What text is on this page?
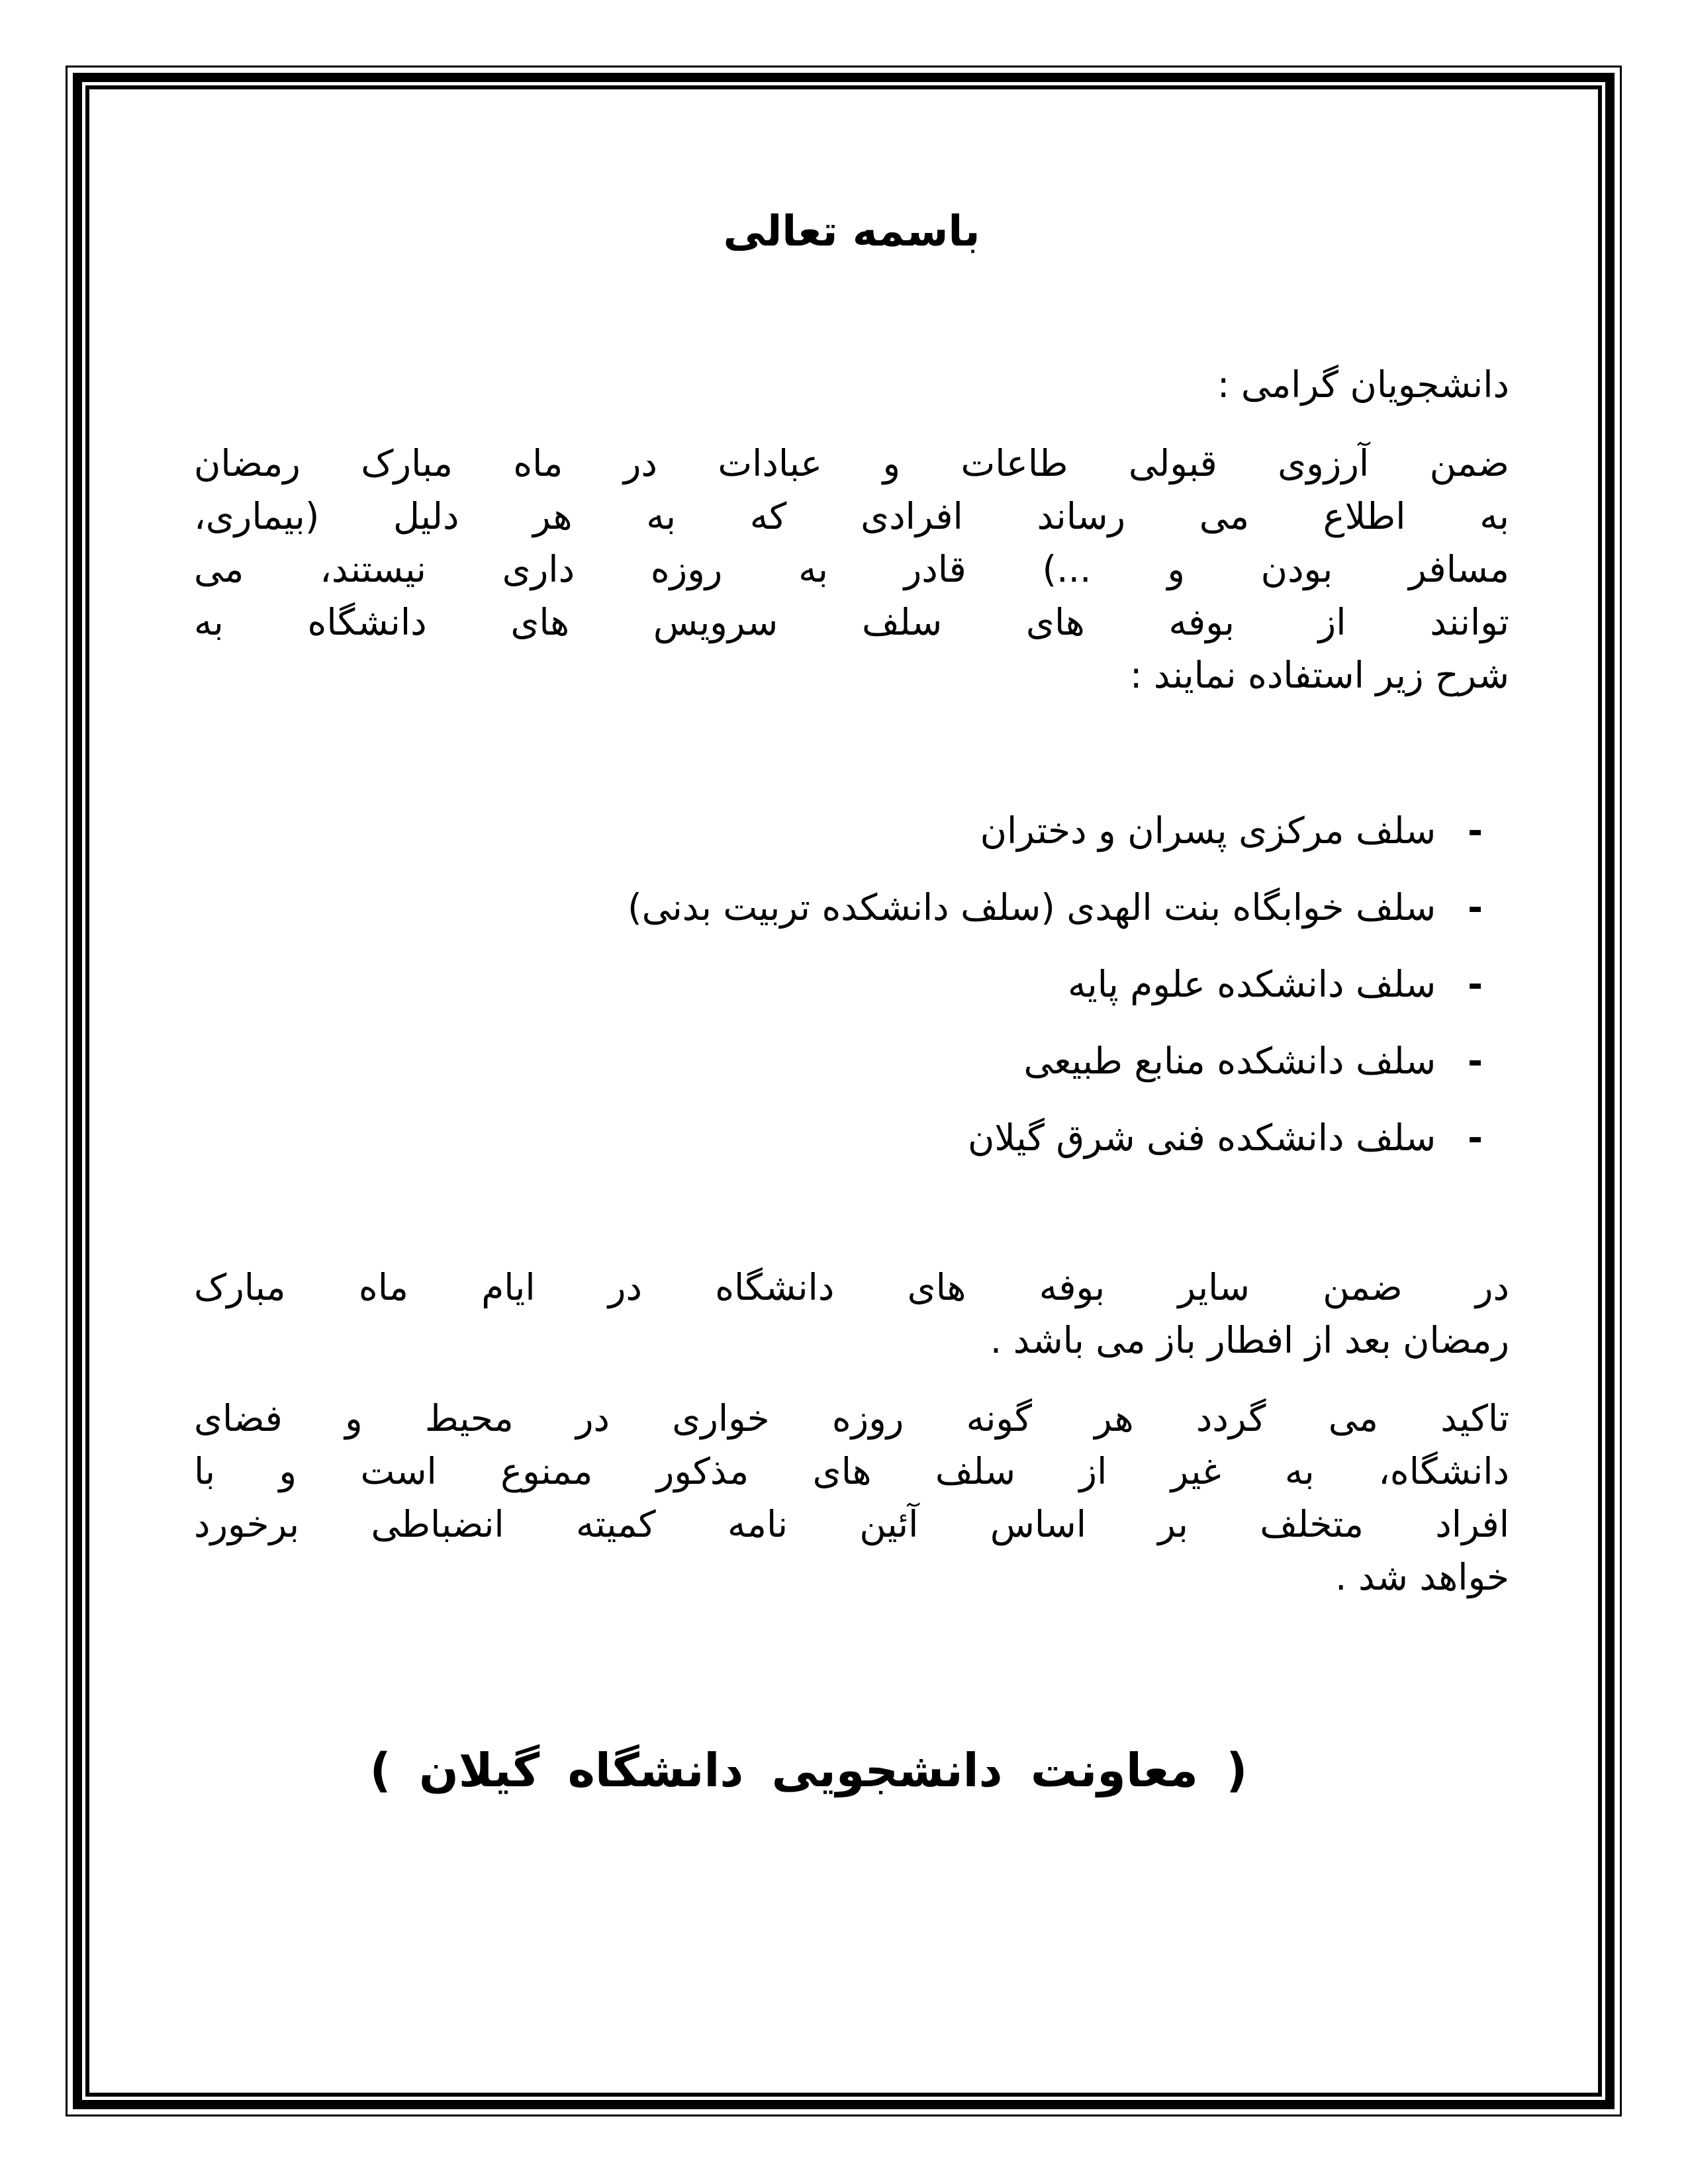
باسمه تعالی
دانشجویان گرامی :
ضمن آرزوی قبولی طاعات و عبادات در ماه مبارک رمضان
به اطلاع می رساند افرادی که به هر دلیل (بیماری،
مسافر بودن و ...) قادر به روزه داری نیستند، می
توانند از بوفه های سلف سرویس های دانشگاه به
شرح زیر استفاده نمایند :
-سلف مرکزی پسران و دختران
-سلف خوابگاه بنت الهدی (سلف دانشکده تربیت بدنی)
-سلف دانشکده علوم پایه
-سلف دانشکده منابع طبیعی
-سلف دانشکده فنی شرق گیلان
در ضمن سایر بوفه های دانشگاه در ایام ماه مبارک
رمضان بعد از افطار باز می باشد .
تاکید می گردد هر گونه روزه خواری در محیط و فضای
دانشگاه، به غیر از سلف های مذکور ممنوع است و با
افراد متخلف بر اساس آئین نامه کمیته انضباطی برخورد
خواهد شد .
( معاونت دانشجویی دانشگاه گیلان )
